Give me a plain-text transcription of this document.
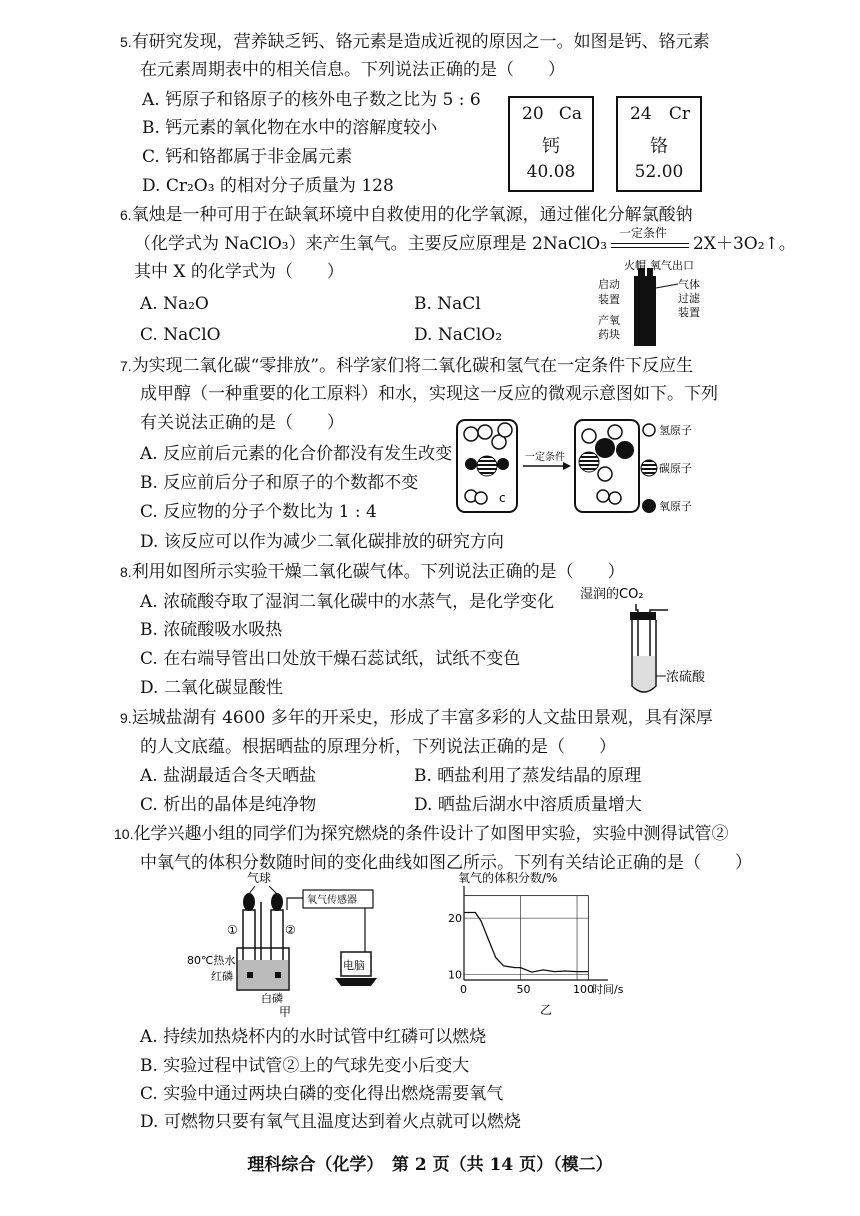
5.有研究发现，营养缺乏钙、铬元素是造成近视的原因之一。如图是钙、铬元素
在元素周期表中的相关信息。下列说法正确的是（　　）
A. 钙原子和铬原子的核外电子数之比为 5 : 6
B. 钙元素的氧化物在水中的溶解度较小
C. 钙和铬都属于非金属元素
D. Cr₂O₃ 的相对分子质量为 128
20 Ca
钙
40.08
24 Cr
铬
52.00
6.氧烛是一种可用于在缺氧环境中自救使用的化学氧源，通过催化分解氯酸钠
（化学式为 NaClO₃）来产生氧气。主要反应原理是 2NaClO₃
一定条件
2X＋3O₂↑。
其中 X 的化学式为（　　）
A. Na₂O	B. NaCl
C. NaClO	D. NaClO₂
火帽 氧气出口
启动
装置
气体
过滤
装置
产氧
药块
7.为实现二氧化碳“零排放”。科学家们将二氧化碳和氢气在一定条件下反应生
成甲醇（一种重要的化工原料）和水，实现这一反应的微观示意图如下。下列
有关说法正确的是（　　）
A. 反应前后元素的化合价都没有发生改变
B. 反应前后分子和原子的个数都不变
C. 反应物的分子个数比为 1 : 4
D. 该反应可以作为减少二氧化碳排放的研究方向
c
一定条件
氢原子
碳原子
氧原子
8.利用如图所示实验干燥二氧化碳气体。下列说法正确的是（　　）
A. 浓硫酸夺取了湿润二氧化碳中的水蒸气，是化学变化
B. 浓硫酸吸水吸热
C. 在右端导管出口处放干燥石蕊试纸，试纸不变色
D. 二氧化碳显酸性
湿润的CO₂
浓硫酸
9.运城盐湖有 4600 多年的开采史，形成了丰富多彩的人文盐田景观，具有深厚
的人文底蕴。根据晒盐的原理分析，下列说法正确的是（　　）
A. 盐湖最适合冬天晒盐	B. 晒盐利用了蒸发结晶的原理
C. 析出的晶体是纯净物	D. 晒盐后湖水中溶质质量增大
10.化学兴趣小组的同学们为探究燃烧的条件设计了如图甲实验，实验中测得试管②
中氧气的体积分数随时间的变化曲线如图乙所示。下列有关结论正确的是（　　）
气球
①	②
氧气传感器
80℃热水
红磷
白磷
甲
电脑
氧气的体积分数/%
0	50	100
10
20
时间/s
乙
A. 持续加热烧杯内的水时试管中红磷可以燃烧
B. 实验过程中试管②上的气球先变小后变大
C. 实验中通过两块白磷的变化得出燃烧需要氧气
D. 可燃物只要有氧气且温度达到着火点就可以燃烧
理科综合（化学）　第 2 页（共 14 页）（模二）
